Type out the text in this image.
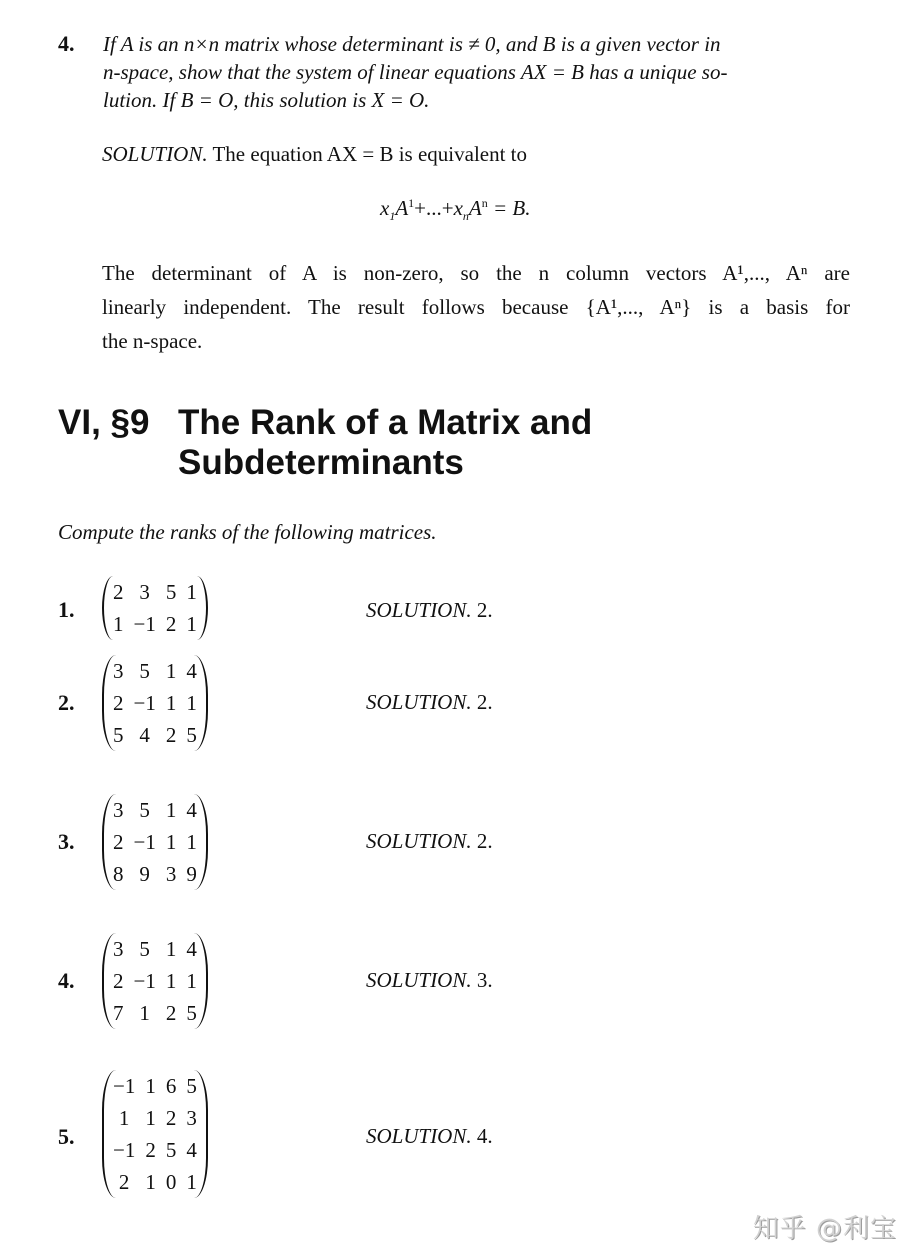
4. If A is an n×n matrix whose determinant is ≠ 0, and B is a given vector in
n-space, show that the system of linear equations AX = B has a unique so-
lution. If B = O, this solution is X = O.
SOLUTION. The equation AX = B is equivalent to
$x_1A^1+...+x_nA^n = B$.
The determinant of A is non-zero, so the n column vectors A¹,..., Aⁿ are
linearly independent. The result follows because {A¹,..., Aⁿ} is a basis for
the n-space.
VI, §9 The Rank of a Matrix and
Subdeterminants
Compute the ranks of the following matrices.
1.
2	3	5	1
1	−1	2	1
SOLUTION. 2.
2.
3	5	1	4
2	−1	1	1
5	4	2	5
SOLUTION. 2.
3.
3	5	1	4
2	−1	1	1
8	9	3	9
SOLUTION. 2.
4.
3	5	1	4
2	−1	1	1
7	1	2	5
SOLUTION. 3.
5.
−1	1	6	5
1	1	2	3
−1	2	5	4
2	1	0	1
SOLUTION. 4.
知乎 @利宝
